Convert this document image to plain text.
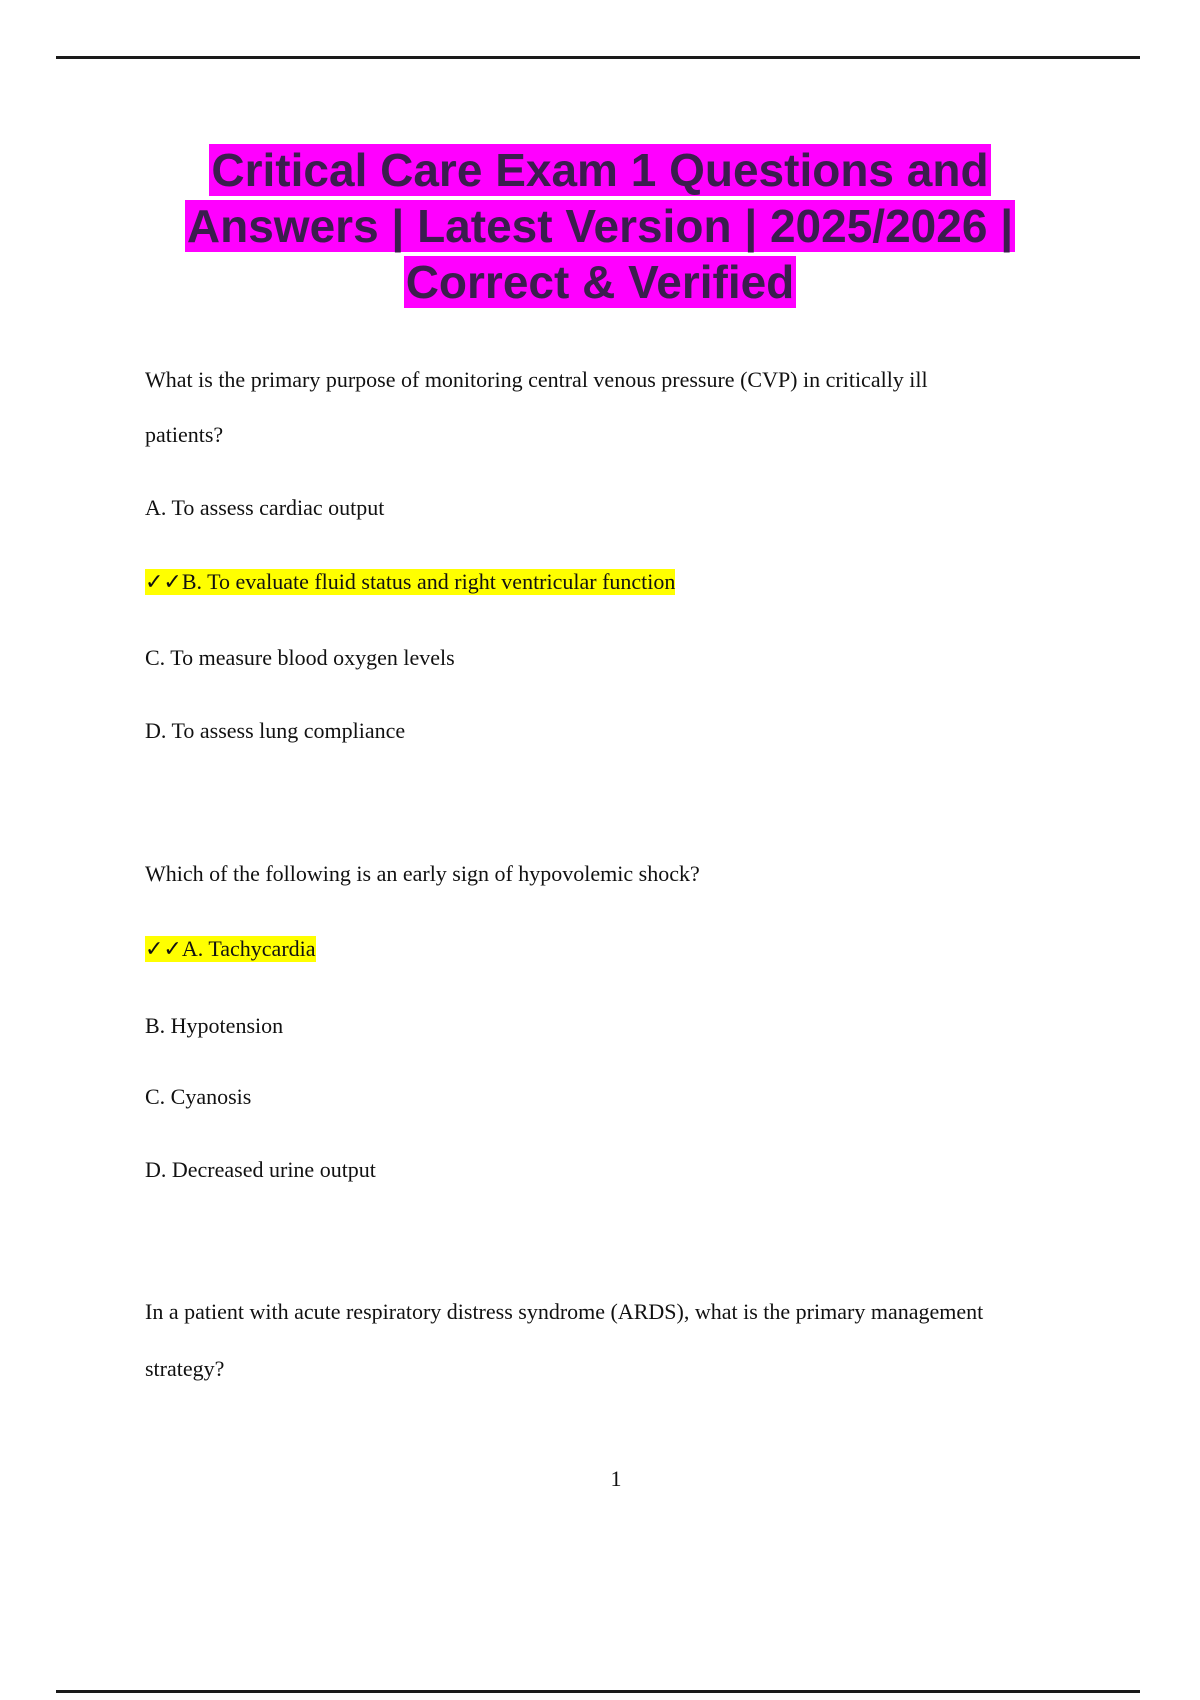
Critical Care Exam 1 Questions and
Answers | Latest Version | 2025/2026 |
Correct & Verified
What is the primary purpose of monitoring central venous pressure (CVP) in critically ill
patients?
A. To assess cardiac output
✓✓B. To evaluate fluid status and right ventricular function
C. To measure blood oxygen levels
D. To assess lung compliance
Which of the following is an early sign of hypovolemic shock?
✓✓A. Tachycardia
B. Hypotension
C. Cyanosis
D. Decreased urine output
In a patient with acute respiratory distress syndrome (ARDS), what is the primary management
strategy?
1
